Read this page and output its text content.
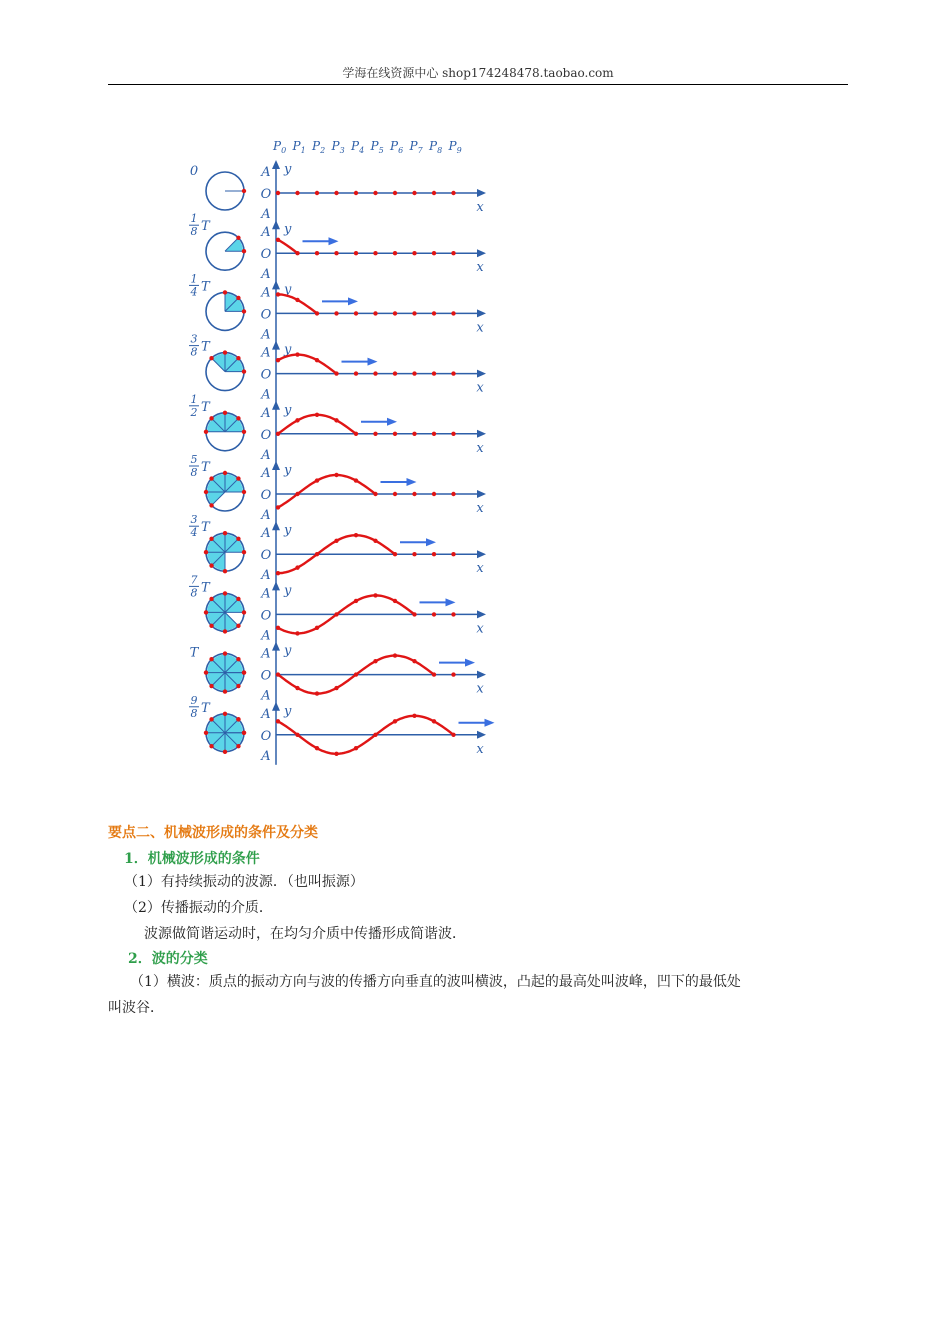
学海在线资源中心 shop174248478.taobao.com
$P_0$ $P_1$ $P_2$ $P_3$ $P_4$ $P_5$ $P_6$ $P_7$ $P_8$ $P_9$
0	y
A
O
A	x
1
8 T	y
A
O
A	x
1
4 T	y
A
O
A	x
3
8 T	y
A
O
A	x
1
2 T	y
A
O
A	x
5
8 T	y
A
O
A	x
3
4 T	y
A
O
A	x
7
8 T	y
A
O
A	x
T	y
A
O
A	x
9
8 T	y
A
O
A	x
要点二、机械波形成的条件及分类
1．机械波形成的条件
（1）有持续振动的波源．（也叫振源）
（2）传播振动的介质．
波源做简谐运动时，在均匀介质中传播形成简谐波．
2．波的分类
（1）横波：质点的振动方向与波的传播方向垂直的波叫横波，凸起的最高处叫波峰，凹下的最低处
叫波谷．
